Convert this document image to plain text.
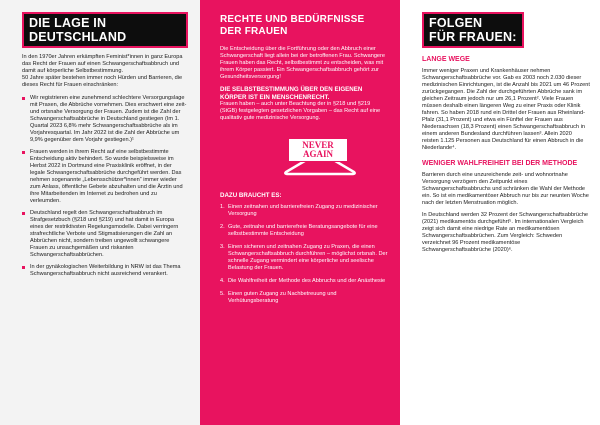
DIE LAGE IN DEUTSCHLAND

In den 1970er Jahren erkämpften Feminist*innen in ganz Europa das Recht der Frauen auf einen Schwangerschaftsabbruch und damit auf körperliche Selbstbestimmung.
50 Jahre später bestehen immer noch Hürden und Barrieren, die dieses Recht für Frauen einschränken:

Wir registrieren eine zunehmend schlechtere Versorgungslage mit Praxen, die Abbrüche vornehmen. Dies erschwert eine zeit- und ortsnahe Versorgung der Frauen. Zudem ist die Zahl der Schwangerschaftsabbrüche in Deutschland gestiegen (Im 1. Quartal 2023 6,8% mehr Schwangerschaftsabbrüche als im Vorjahresquartal. Im Jahr 2022 ist die Zahl der Abbrüche um 9,9% gegenüber dem Vorjahr gestiegen.)¹
Frauen werden in ihrem Recht auf eine selbstbestimmte Entscheidung aktiv behindert. So wurde beispielsweise im Herbst 2022 in Dortmund eine Praxisklinik eröffnet, in der legale Schwangerschaftsabbrüche durchgeführt werden. Das nehmen sogenannte „Lebensschützer*innen“ immer wieder zum Anlass, öffentliche Gebete abzuhalten und die Ärztin und ihre Mitarbeitenden im Internet zu bedrohen und zu verleumden.
Deutschland regelt den Schwangerschaftsabbruch im Strafgesetzbuch (§218 und §219) und hat damit in Europa eines der restriktivsten Regelungsmodelle. Dabei verringern strafrechtliche Verbote und Stigmatisierungen die Zahl an Abbrüchen nicht, sondern treiben ungewollt schwangere Frauen zu unsachgemäßen und riskanten Schwangerschaftsabbrüchen.
In der gynäkologischen Weiterbildung in NRW ist das Thema Schwangerschaftsabbruch nicht ausreichend verankert.
RECHTE UND BEDÜRFNISSE DER FRAUEN

Die Entscheidung über die Fortführung oder den Abbruch einer Schwangerschaft liegt allein bei der betroffenen Frau. Schwangere Frauen haben das Recht, selbstbestimmt zu entscheiden, was mit ihrem Körper passiert. Ein Schwangerschaftsabbruch gehört zur Gesundheitsversorgung!

DIE SELBSTBESTIMMUNG ÜBER DEN EIGENEN KÖRPER IST EIN MENSCHENRECHT.

Frauen haben – auch unter Beachtung der in §218 und §219 (StGB) festgelegten gesetzlichen Vorgaben – das Recht auf eine qualitativ gute medizinische Versorgung.

NEVER
AGAIN
DAZU BRAUCHT ES:
1. Einen zeitnahen und barrierefreien Zugang zu medizinischer Versorgung
2. Gute, zeitnahe und barrierefreie Beratungsangebote für eine selbstbestimmte Entscheidung
3. Einen sicheren und zeitnahen Zugang zu Praxen, die einen Schwangerschaftsabbruch durchführen – möglichst ortsnah. Der schnelle Zugang vermindert eine körperliche und seelische Belastung der Frauen.
4. Die Wahlfreiheit der Methode des Abbruchs und der Anästhesie
5. Einen guten Zugang zu Nachbetreuung und Verhütungsberatung
FOLGEN
FÜR FRAUEN:
LANGE WEGE

Immer weniger Praxen und Krankenhäuser nehmen Schwangerschaftsabbrüche vor. Gab es 2003 noch 2.030 dieser medizinischen Einrichtungen, ist die Anzahl bis 2021 um 46 Prozent zurückgegangen. Die Zahl der durchgeführten Abbrüche sank im gleichen Zeitraum jedoch nur um 26,1 Prozent². Viele Frauen müssen deshalb einen längeren Weg zu einer Praxis oder Klinik fahren. So haben 2018 rund ein Drittel der Frauen aus Rheinland-Pfalz (31,1 Prozent) und etwa ein Fünftel der Frauen aus Niedersachsen (18,3 Prozent) einen Schwangerschaftsabbruch in einem anderen Bundesland durchführen lassen³. Allein 2020 reisten 1.125 Personen aus Deutschland für einen Abbruch in die Niederlande⁴.

WENIGER WAHLFREIHEIT BEI DER METHODE

Barrieren durch eine unzureichende zeit- und wohnortnahe Versorgung verzögern den Zeitpunkt eines Schwangerschaftsabbruchs und schränken die Wahl der Methode ein. So ist ein medikamentöser Abbruch nur bis zur neunten Woche nach der letzten Menstruation möglich.

In Deutschland werden 32 Prozent der Schwangerschaftsabbrüche (2021) medikamentös durchgeführt⁵. Im internationalen Vergleich zeigt sich damit eine niedrige Rate an medikamentösen Schwangerschaftsabbrüchen. Zum Vergleich: Schweden verzeichnet 96 Prozent medikamentöse Schwangerschaftsabbrüche (2020)⁶.
